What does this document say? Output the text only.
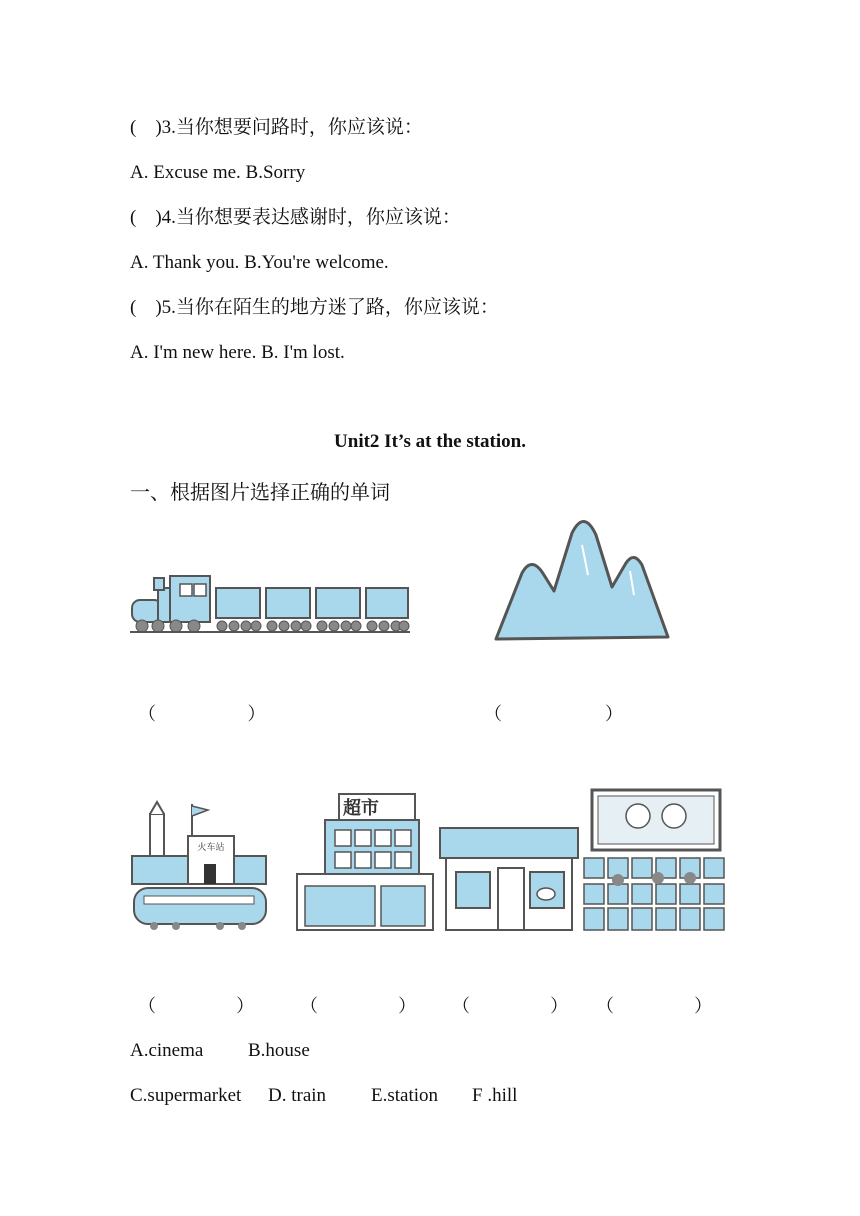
(    )3.当你想要问路时，你应该说：
A. Excuse me. B.Sorry
(    )4.当你想要表达感谢时，你应该说：
A. Thank you. B.You're welcome.
(    )5.当你在陌生的地方迷了路，你应该说：
A. I'm new here. B. I'm lost.
Unit2 It’s at the station.
一、根据图片选择正确的单词
（                ）	（                  ）
火车站
超市
（              ）	（              ） （              ） （              ）
A.cinema B.house
C.supermarket D. train E.station F .hill
